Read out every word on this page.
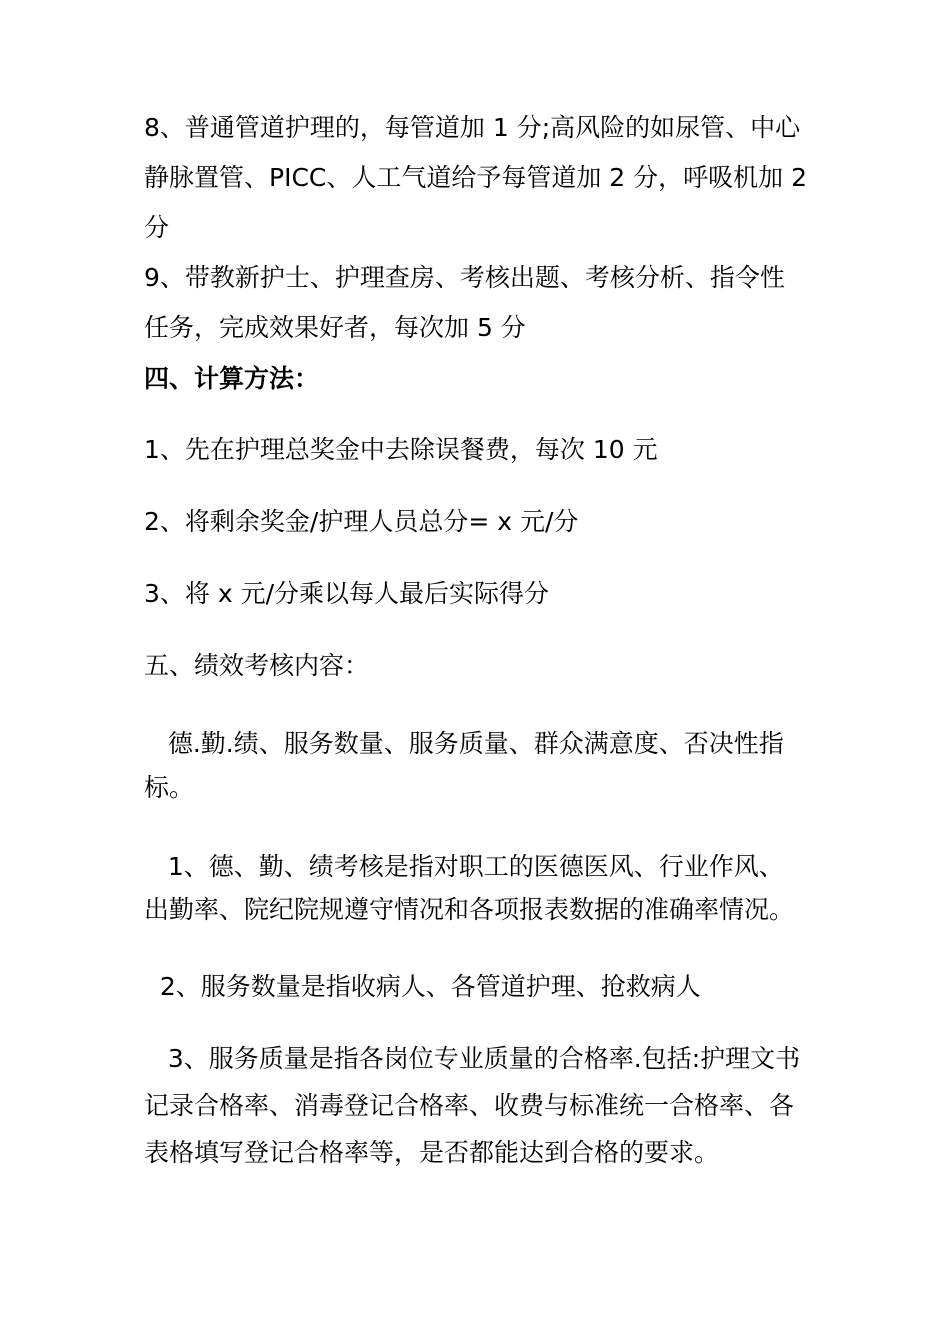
8、普通管道护理的，每管道加 1 分;高风险的如尿管、中心

静脉置管、PICC、人工气道给予每管道加 2 分，呼吸机加 2

分

9、带教新护士、护理查房、考核出题、考核分析、指令性

任务，完成效果好者，每次加 5 分

四、计算方法：

1、先在护理总奖金中去除误餐费，每次 10 元

2、将剩余奖金/护理人员总分= x 元/分

3、将 x 元/分乘以每人最后实际得分

五、绩效考核内容：

德.勤.绩、服务数量、服务质量、群众满意度、否决性指

标。

1、德、勤、绩考核是指对职工的医德医风、行业作风、

出勤率、院纪院规遵守情况和各项报表数据的准确率情况。

2、服务数量是指收病人、各管道护理、抢救病人

3、服务质量是指各岗位专业质量的合格率.包括:护理文书

记录合格率、消毒登记合格率、收费与标准统一合格率、各

表格填写登记合格率等，是否都能达到合格的要求。
